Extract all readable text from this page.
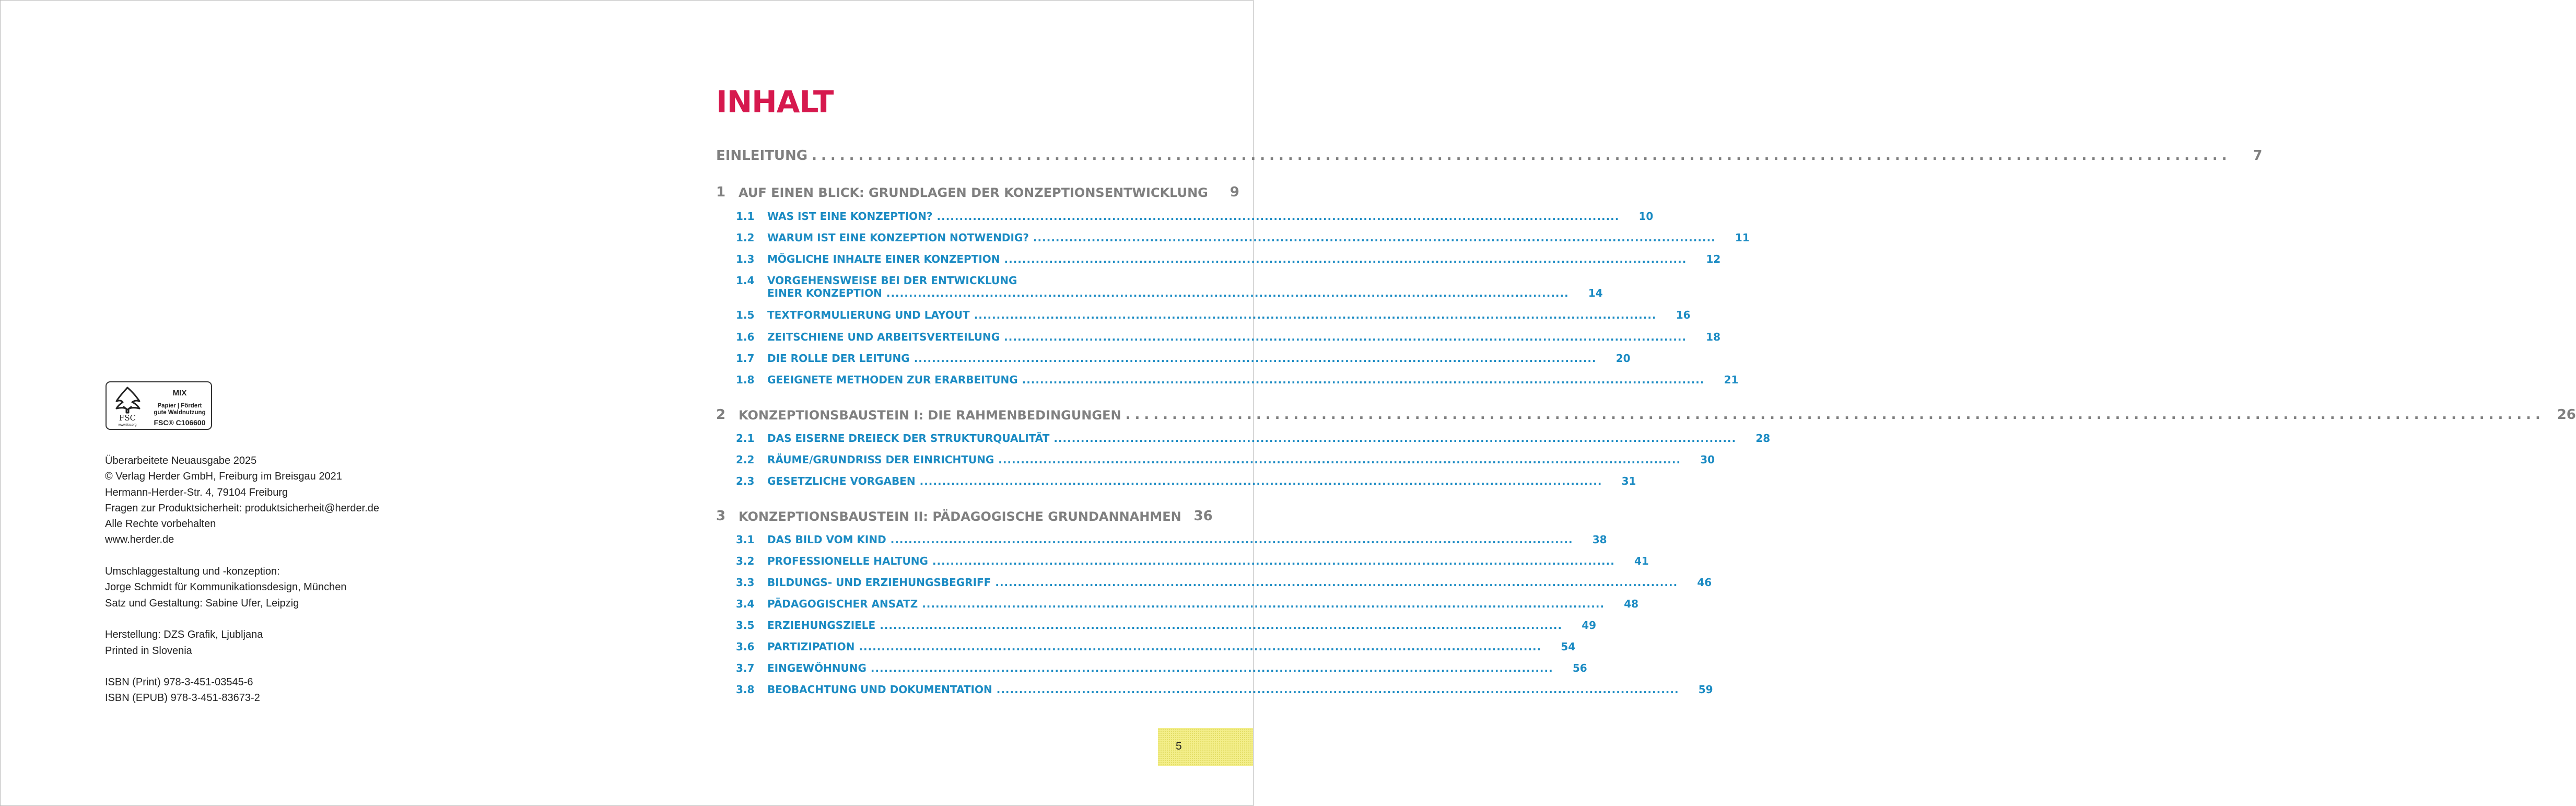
FSC
www.fsc.org
MIX
Papier | Fördert
gute Waldnutzung
FSC® C106600

Überarbeitete Neuausgabe 2025

© Verlag Herder GmbH, Freiburg im Breisgau 2021

Hermann-Herder-Str. 4, 79104 Freiburg

Fragen zur Produktsicherheit: produktsicherheit@herder.de

Alle Rechte vorbehalten

www.herder.de

Umschlaggestaltung und -konzeption:

Jorge Schmidt für Kommunikationsdesign, München

Satz und Gestaltung: Sabine Ufer, Leipzig

Herstellung: DZS Grafik, Ljubljana

Printed in Slovenia

ISBN (Print) 978-3-451-03545-6

ISBN (EPUB) 978-3-451-83673-2

INHALT
EINLEITUNG .....	7
1	AUF EINEN BLICK: GRUNDLAGEN DER KONZEPTIONSENTWICKLUNG	9
1.1	WAS IST EINE KONZEPTION? .....	10
1.2	WARUM IST EINE KONZEPTION NOTWENDIG? .....	11
1.3	MÖGLICHE INHALTE EINER KONZEPTION .....	12
1.4	VORGEHENSWEISE BEI DER ENTWICKLUNG
EINER KONZEPTION .....	14
1.5	TEXTFORMULIERUNG UND LAYOUT .....	16
1.6	ZEITSCHIENE UND ARBEITSVERTEILUNG .....	18
1.7	DIE ROLLE DER LEITUNG .....	20
1.8	GEEIGNETE METHODEN ZUR ERARBEITUNG .....	21
2	KONZEPTIONSBAUSTEIN I: DIE RAHMENBEDINGUNGEN .....	26
2.1	DAS EISERNE DREIECK DER STRUKTURQUALITÄT .....	28
2.2	RÄUME/GRUNDRISS DER EINRICHTUNG .....	30
2.3	GESETZLICHE VORGABEN .....	31
3	KONZEPTIONSBAUSTEIN II: PÄDAGOGISCHE GRUNDANNAHMEN 36
3.1	DAS BILD VOM KIND .....	38
3.2	PROFESSIONELLE HALTUNG .....	41
3.3	BILDUNGS- UND ERZIEHUNGSBEGRIFF .....	46
3.4	PÄDAGOGISCHER ANSATZ .....	48
3.5	ERZIEHUNGSZIELE .....	49
3.6	PARTIZIPATION .....	54
3.7	EINGEWÖHNUNG .....	56
3.8	BEOBACHTUNG UND DOKUMENTATION .....	59
5
